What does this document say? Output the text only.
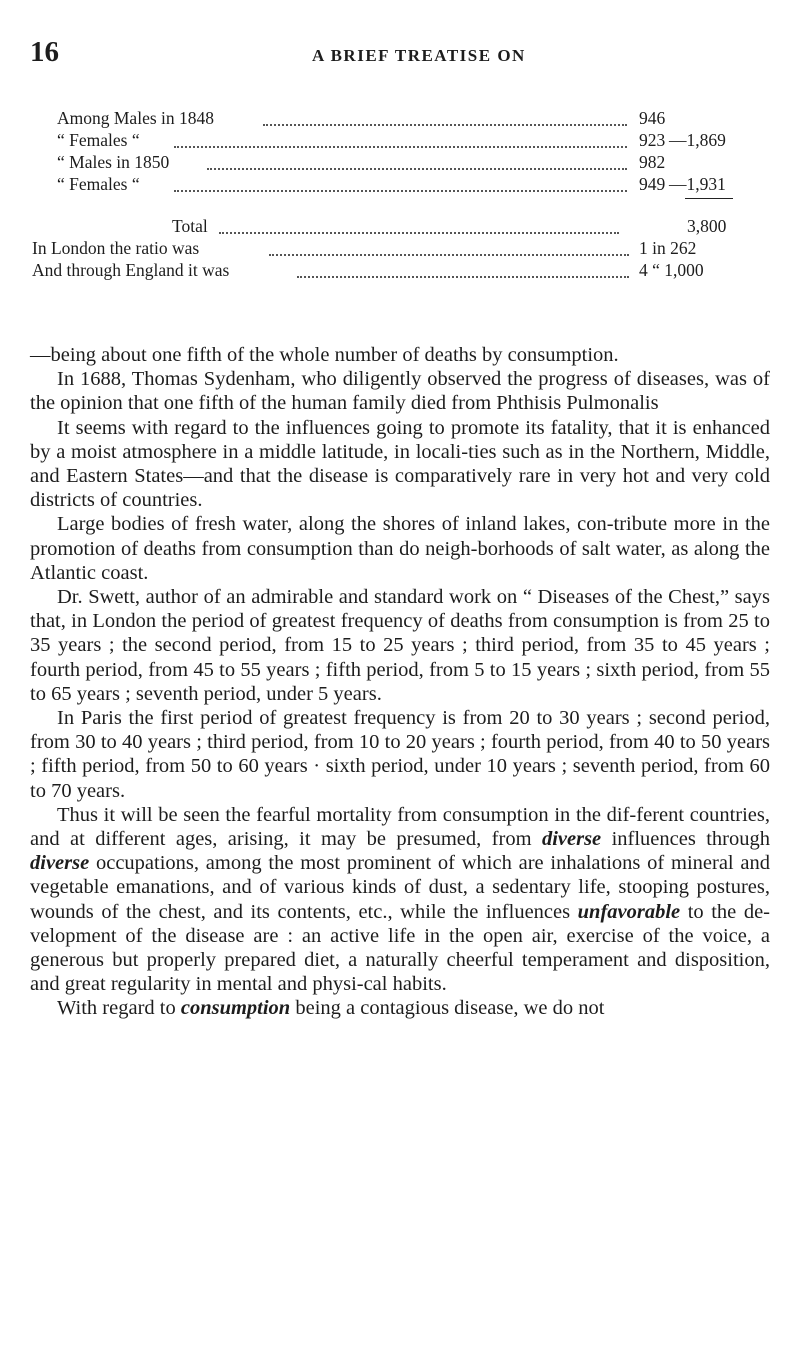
16	A BRIEF TREATISE ON
Among Males in 1848	946
“ Females “	923 —1,869
“ Males in 1850	982
“ Females “	949 —1,931
Total	3,800
In London the ratio was	1 in 262
And through England it was	4 “ 1,000

—being about one fifth of the whole number of deaths by consumption.

In 1688, Thomas Sydenham, who diligently observed the progress of diseases, was of the opinion that one fifth of the human family died from Phthisis Pulmonalis

It seems with regard to the influences going to promote its fatality, that it is enhanced by a moist atmosphere in a middle latitude, in locali-ties such as in the Northern, Middle, and Eastern States—and that the disease is comparatively rare in very hot and very cold districts of countries.

Large bodies of fresh water, along the shores of inland lakes, con-tribute more in the promotion of deaths from consumption than do neigh-borhoods of salt water, as along the Atlantic coast.

Dr. Swett, author of an admirable and standard work on “ Diseases of the Chest,” says that, in London the period of greatest frequency of deaths from consumption is from 25 to 35 years ; the second period, from 15 to 25 years ; third period, from 35 to 45 years ; fourth period, from 45 to 55 years ; fifth period, from 5 to 15 years ; sixth period, from 55 to 65 years ; seventh period, under 5 years.

In Paris the first period of greatest frequency is from 20 to 30 years ; second period, from 30 to 40 years ; third period, from 10 to 20 years ; fourth period, from 40 to 50 years ; fifth period, from 50 to 60 years · sixth period, under 10 years ; seventh period, from 60 to 70 years.

Thus it will be seen the fearful mortality from consumption in the dif-ferent countries, and at different ages, arising, it may be presumed, from diverse influences through diverse occupations, among the most prominent of which are inhalations of mineral and vegetable emanations, and of various kinds of dust, a sedentary life, stooping postures, wounds of the chest, and its contents, etc., while the influences unfavorable to the de-velopment of the disease are : an active life in the open air, exercise of the voice, a generous but properly prepared diet, a naturally cheerful temperament and disposition, and great regularity in mental and physi-cal habits.

With regard to consumption being a contagious disease, we do not
